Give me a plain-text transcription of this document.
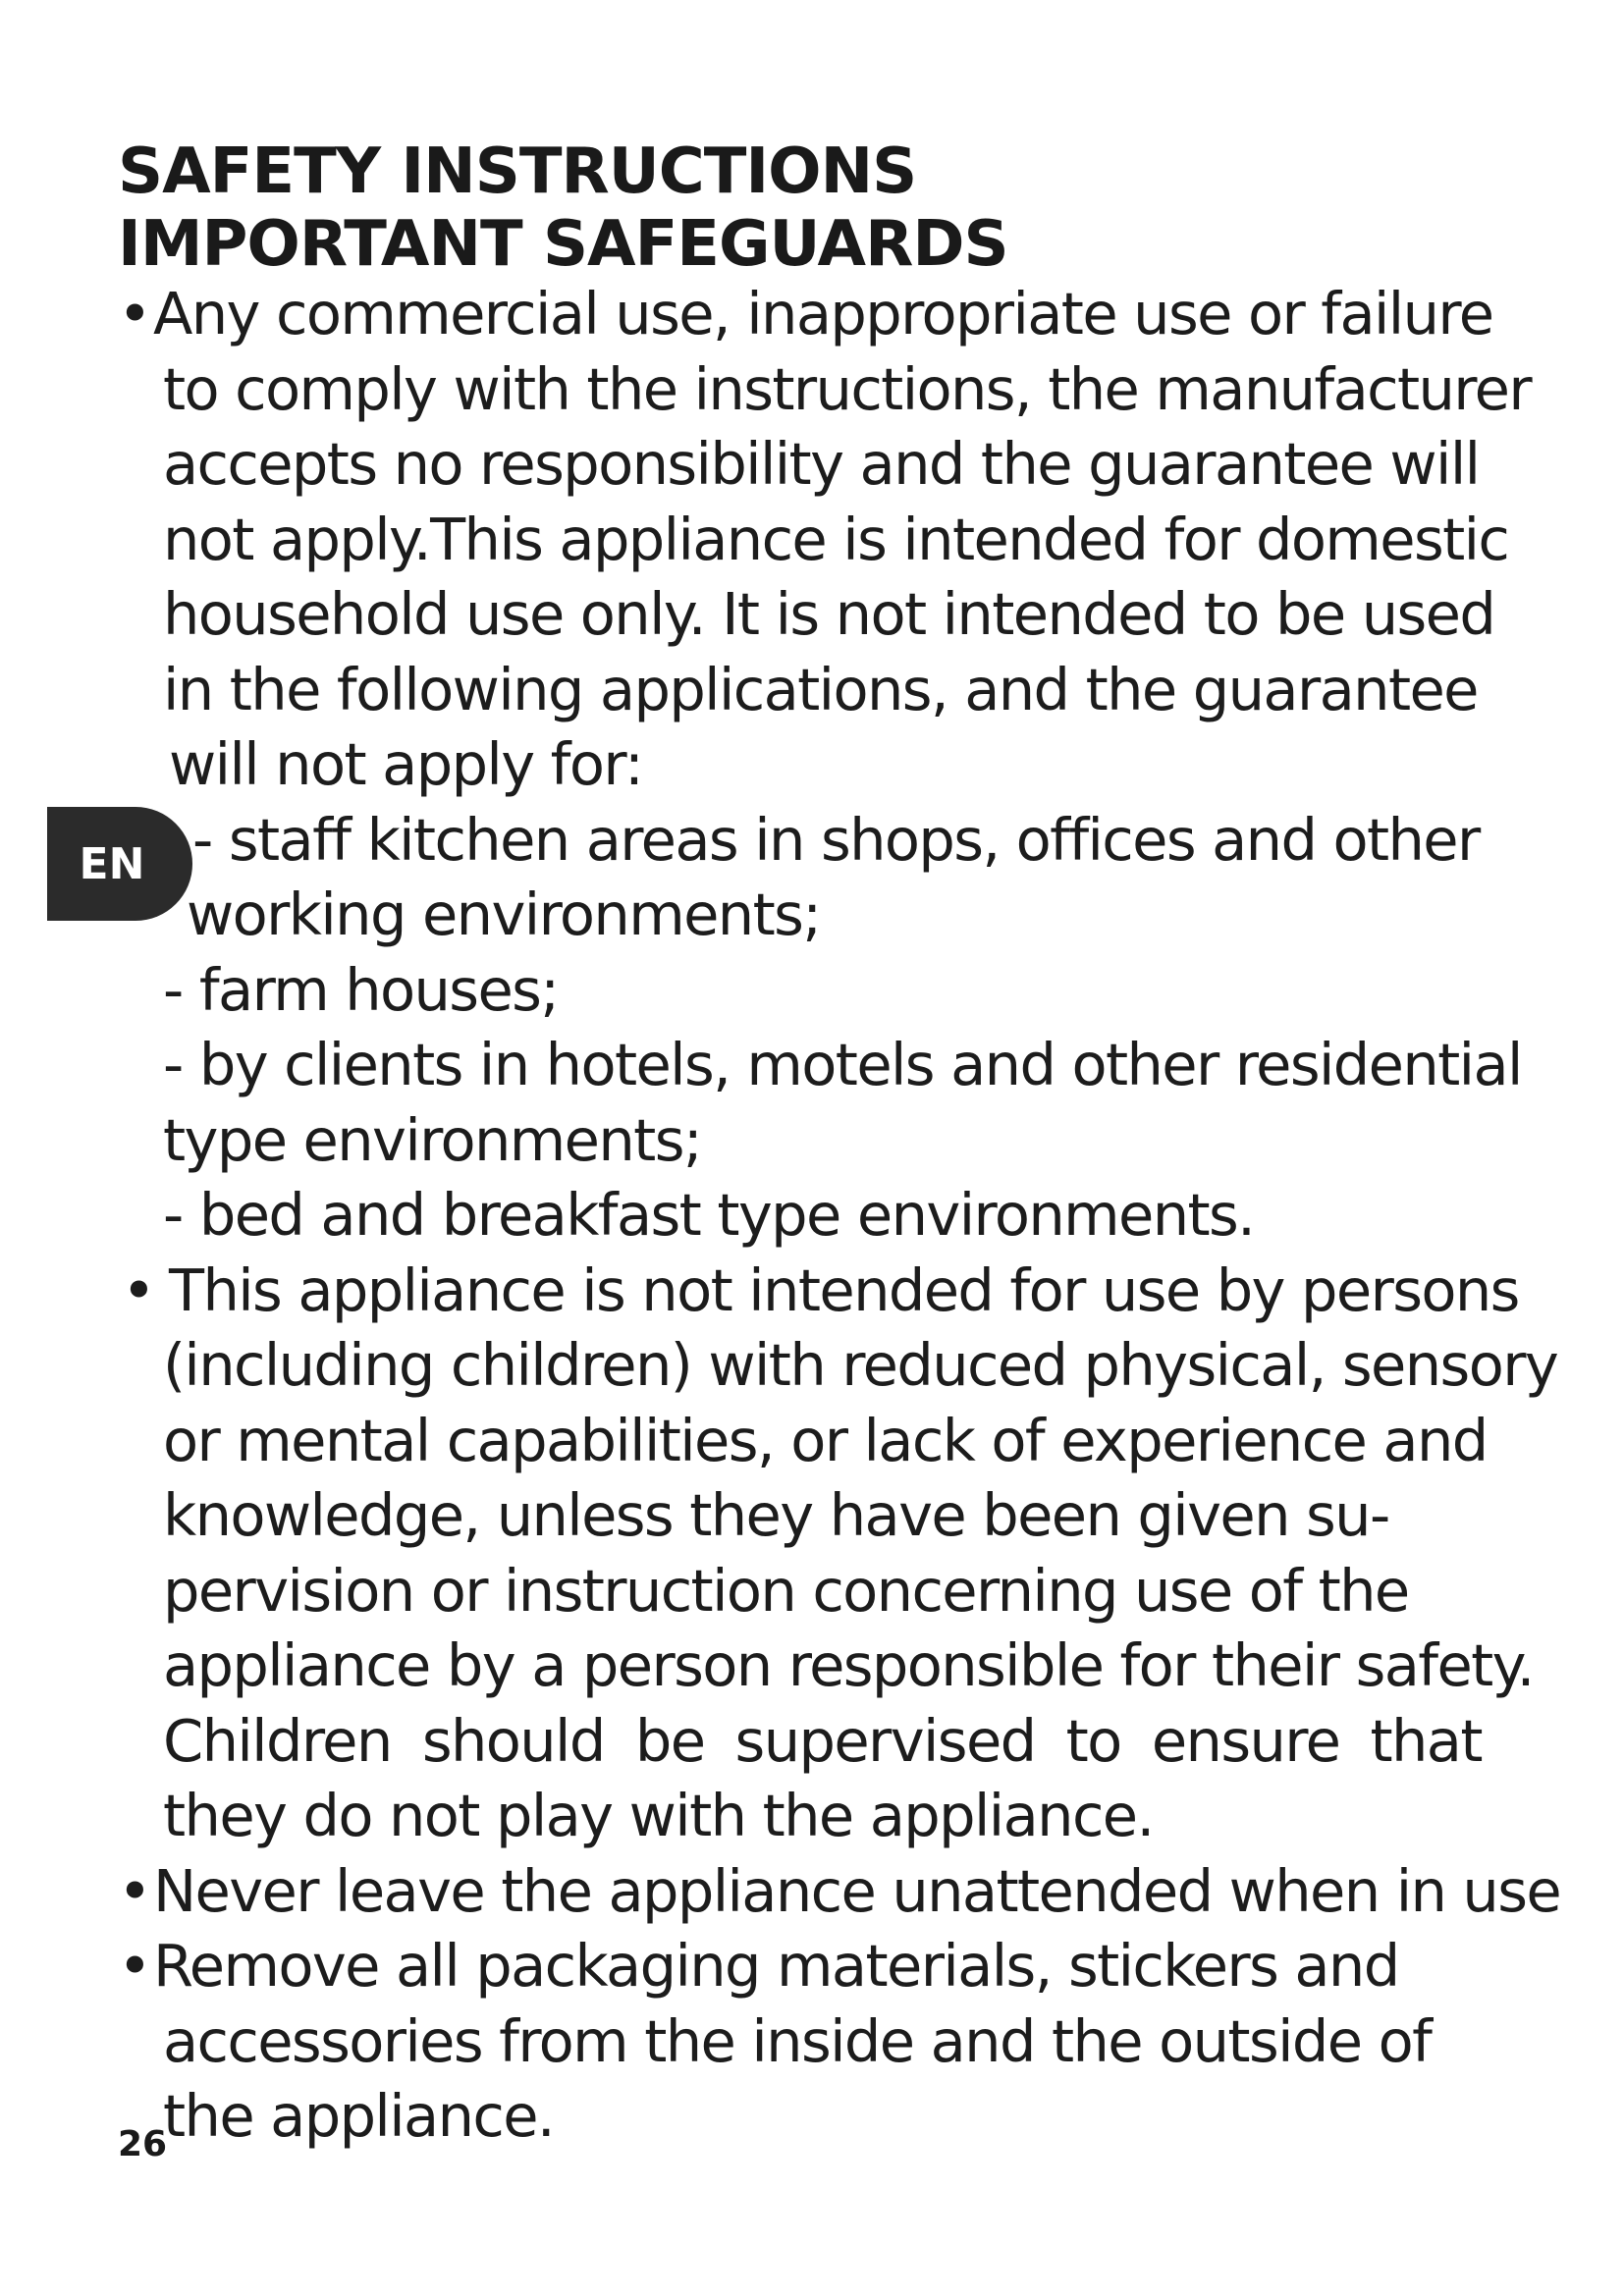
EN
SAFETY INSTRUCTIONS
IMPORTANT SAFEGUARDS
• Any commercial use, inappropriate use or failure
to comply with the instructions, the manufacturer
accepts no responsibility and the guarantee will
not apply.This appliance is intended for domestic
household use only. It is not intended to be used
in the following applications, and the guarantee
will not apply for:
- staff kitchen areas in shops, offices and other
working environments;
- farm houses;
- by clients in hotels, motels and other residential
type environments;
- bed and breakfast type environments.
• This appliance is not intended for use by persons
(including children) with reduced physical, sensory
or mental capabilities, or lack of experience and
knowledge, unless they have been given su-
pervision or instruction concerning use of the
appliance by a person responsible for their safety.
Children should be supervised to ensure that
they do not play with the appliance.
• Never leave the appliance unattended when in use
• Remove all packaging materials, stickers and
accessories from the inside and the outside of
the appliance.
26
